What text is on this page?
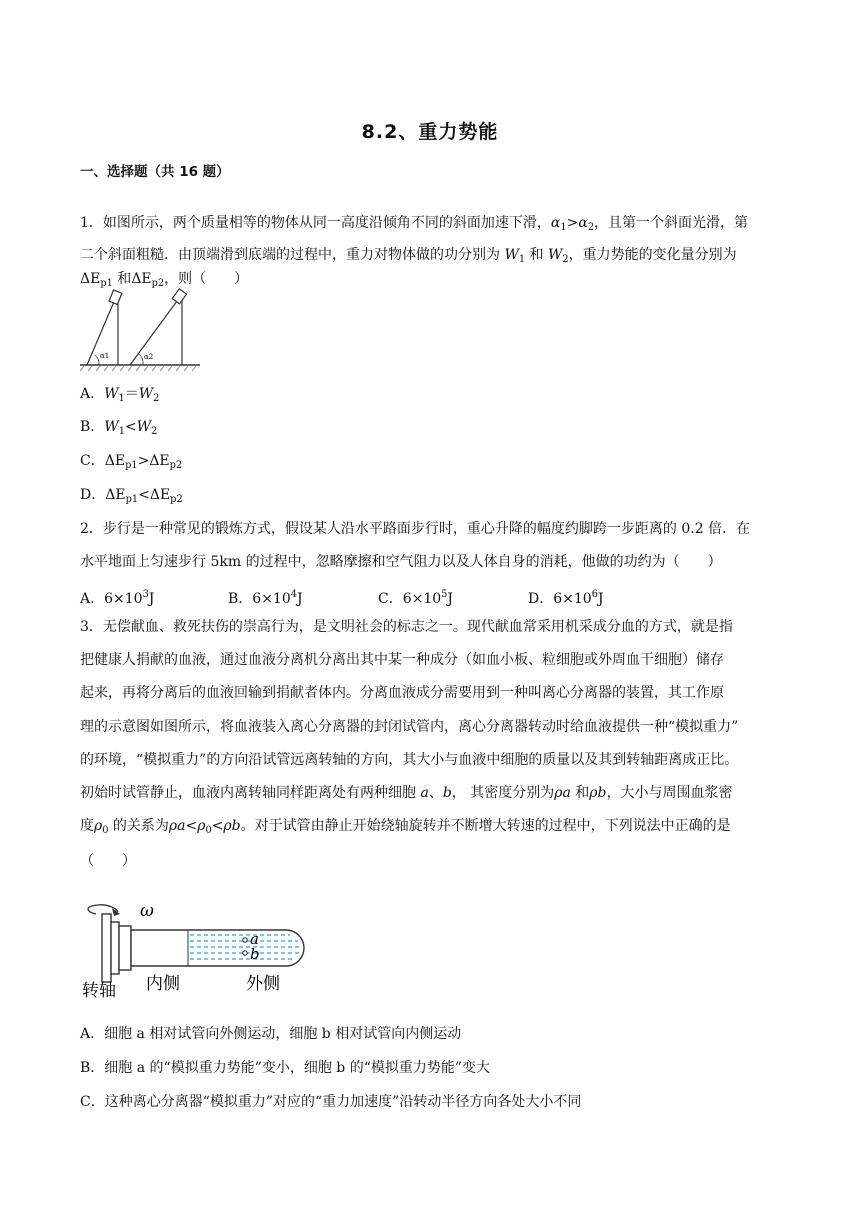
8.2、重力势能
一、选择题（共 16 题）
1．如图所示，两个质量相等的物体从同一高度沿倾角不同的斜面加速下滑，$\alpha_1>\alpha_2$，且第一个斜面光滑，第
二个斜面粗糙．由顶端滑到底端的过程中，重力对物体做的功分别为 $W_1$ 和 $W_2$，重力势能的变化量分别为
$\Delta E_{p1}$ 和$\Delta E_{p2}$，则（　　）
α1	α2
A．$W_1=W_2$
B．$W_1<W_2$
C．$\Delta E_{p1}>\Delta E_{p2}$
D．$\Delta E_{p1}<\Delta E_{p2}$
2．步行是一种常见的锻炼方式，假设某人沿水平路面步行时，重心升降的幅度约脚跨一步距离的 0.2 倍．在
水平地面上匀速步行 5km 的过程中，忽略摩擦和空气阻力以及人体自身的消耗，他做的功约为（　　）
A．$6\times 10^3J$	B．$6\times 10^4J$	C．$6\times 10^5J$	D．$6\times 10^6J$
3．无偿献血、救死扶伤的崇高行为，是文明社会的标志之一。现代献血常采用机采成分血的方式，就是指
把健康人捐献的血液，通过血液分离机分离出其中某一种成分（如血小板、粒细胞或外周血干细胞）储存
起来，再将分离后的血液回输到捐献者体内。分离血液成分需要用到一种叫离心分离器的装置，其工作原
理的示意图如图所示，将血液装入离心分离器的封闭试管内，离心分离器转动时给血液提供一种“模拟重力”
的环境，“模拟重力”的方向沿试管远离转轴的方向，其大小与血液中细胞的质量以及其到转轴距离成正比。
初始时试管静止，血液内离转轴同样距离处有两种细胞 a、b， 其密度分别为ρa 和ρb，大小与周围血浆密
度$\rho_0$ 的关系为$\rho a<\rho_0<\rho b$。对于试管由静止开始绕轴旋转并不断增大转速的过程中，下列说法中正确的是
（　　）
ω
a
b
转轴 内侧	外侧
A．细胞 a 相对试管向外侧运动，细胞 b 相对试管向内侧运动
B．细胞 a 的“模拟重力势能”变小，细胞 b 的“模拟重力势能”变大
C．这种离心分离器“模拟重力”对应的“重力加速度”沿转动半径方向各处大小不同
